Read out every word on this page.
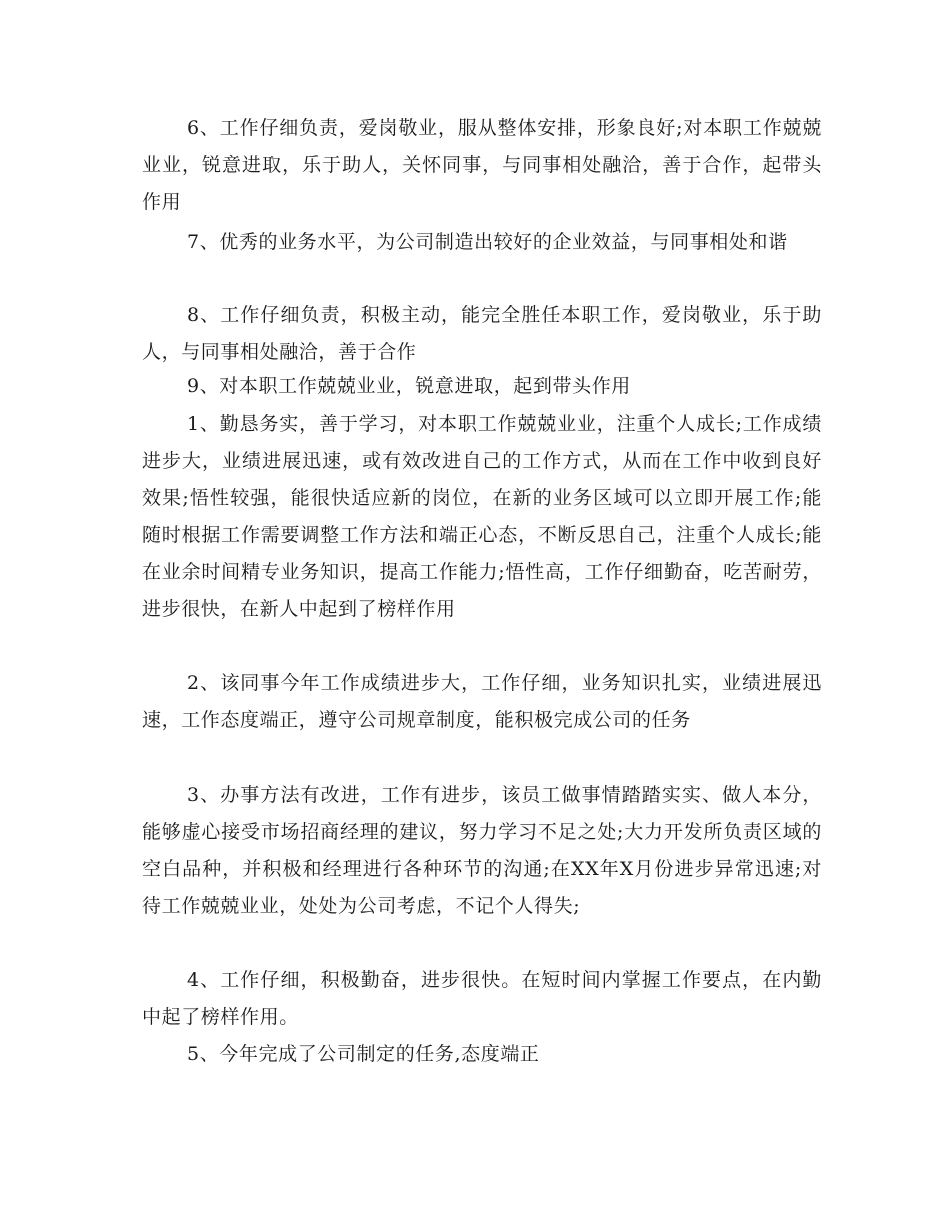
6、工作仔细负责，爱岗敬业，服从整体安排，形象良好;对本职工作兢兢业业，锐意进取，乐于助人，关怀同事，与同事相处融洽，善于合作，起带头作用

7、优秀的业务水平，为公司制造出较好的企业效益，与同事相处和谐

8、工作仔细负责，积极主动，能完全胜任本职工作，爱岗敬业，乐于助人，与同事相处融洽，善于合作

9、对本职工作兢兢业业，锐意进取，起到带头作用

1、勤恳务实，善于学习，对本职工作兢兢业业，注重个人成长;工作成绩进步大，业绩进展迅速，或有效改进自己的工作方式，从而在工作中收到良好效果;悟性较强，能很快适应新的岗位，在新的业务区域可以立即开展工作;能随时根据工作需要调整工作方法和端正心态，不断反思自己，注重个人成长;能在业余时间精专业务知识，提高工作能力;悟性高，工作仔细勤奋，吃苦耐劳，进步很快，在新人中起到了榜样作用

2、该同事今年工作成绩进步大，工作仔细，业务知识扎实，业绩进展迅速，工作态度端正，遵守公司规章制度，能积极完成公司的任务

3、办事方法有改进，工作有进步，该员工做事情踏踏实实、做人本分，能够虚心接受市场招商经理的建议，努力学习不足之处;大力开发所负责区域的空白品种，并积极和经理进行各种环节的沟通;在XX年X月份进步异常迅速;对待工作兢兢业业，处处为公司考虑，不记个人得失;

4、工作仔细，积极勤奋，进步很快。在短时间内掌握工作要点，在内勤中起了榜样作用。

5、今年完成了公司制定的任务,态度端正
